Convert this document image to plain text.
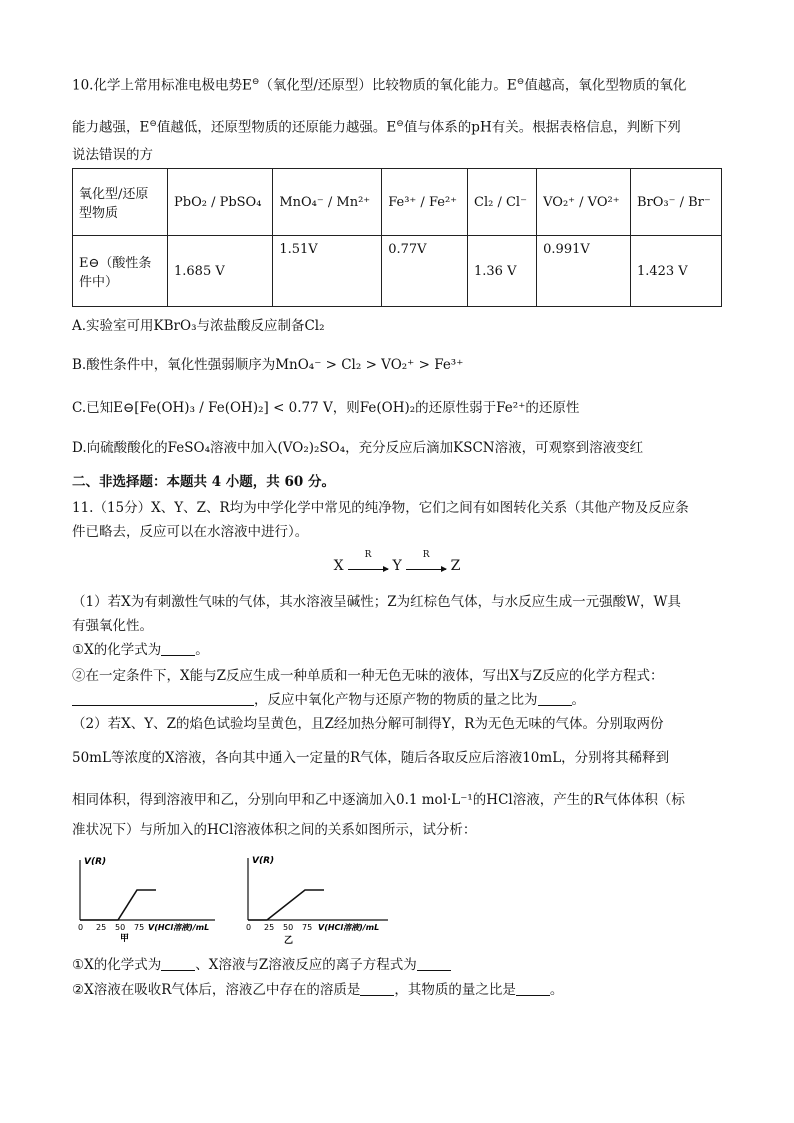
10.化学上常用标准电极电势E⊖（氧化型/还原型）比较物质的氧化能力。E⊖值越高，氧化型物质的氧化
能力越强，E⊖值越低，还原型物质的还原能力越强。E⊖值与体系的pH有关。根据表格信息，判断下列
说法错误的方
氧化型/还原型物质	PbO₂ / PbSO₄	MnO₄⁻ / Mn²⁺	Fe³⁺ / Fe²⁺	Cl₂ / Cl⁻	VO₂⁺ / VO²⁺	BrO₃⁻ / Br⁻
E⊖（酸性条件中）	1.685 V	1.51V	0.77V	1.36 V	0.991V	1.423 V
A.实验室可用KBrO₃与浓盐酸反应制备Cl₂
B.酸性条件中，氧化性强弱顺序为MnO₄⁻ > Cl₂ > VO₂⁺ > Fe³⁺
C.已知E⊖[Fe(OH)₃ / Fe(OH)₂] < 0.77 V，则Fe(OH)₂的还原性弱于Fe²⁺的还原性
D.向硫酸酸化的FeSO₄溶液中加入(VO₂)₂SO₄，充分反应后滴加KSCN溶液，可观察到溶液变红
二、非选择题：本题共 4 小题，共 60 分。
11.（15分）X、Y、Z、R均为中学化学中常见的纯净物，它们之间有如图转化关系（其他产物及反应条
件已略去，反应可以在水溶液中进行）。
X
R
Y
R
Z
（1）若X为有刺激性气味的气体，其水溶液呈碱性；Z为红棕色气体，与水反应生成一元强酸W，W具
有强氧化性。
①X的化学式为	。
②在一定条件下，X能与Z反应生成一种单质和一种无色无味的液体，写出X与Z反应的化学方程式：
，反应中氧化产物与还原产物的物质的量之比为	。
（2）若X、Y、Z的焰色试验均呈黄色，且Z经加热分解可制得Y，R为无色无味的气体。分别取两份
50mL等浓度的X溶液，各向其中通入一定量的R气体，随后各取反应后溶液10mL，分别将其稀释到
相同体积，得到溶液甲和乙，分别向甲和乙中逐滴加入0.1 mol·L⁻¹的HCl溶液，产生的R气体体积（标
准状况下）与所加入的HCl溶液体积之间的关系如图所示，试分析：
V(R)
0 25 50 75 V(HCl溶液)/mL
甲
V(R)
0 25 50 75 V(HCl溶液)/mL
乙
①X的化学式为	、X溶液与Z溶液反应的离子方程式为
②X溶液在吸收R气体后，溶液乙中存在的溶质是	，其物质的量之比是	。
